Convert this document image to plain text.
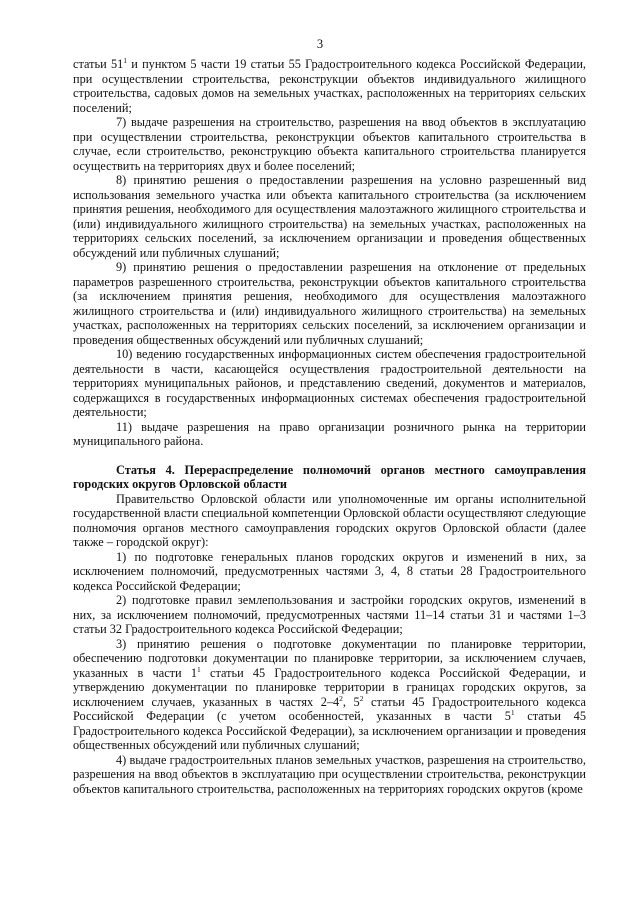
3

статьи $51^1$ и пунктом 5 части 19 статьи 55 Градостроительного кодекса Российской Федерации, при осуществлении строительства, реконструкции объектов индивидуального жилищного строительства, садовых домов на земельных участках, расположенных на территориях сельских поселений;

7) выдаче разрешения на строительство, разрешения на ввод объектов в эксплуатацию при осуществлении строительства, реконструкции объектов капитального строительства в случае, если строительство, реконструкцию объекта капитального строительства планируется осуществить на территориях двух и более поселений;

8) принятию решения о предоставлении разрешения на условно разрешенный вид использования земельного участка или объекта капитального строительства (за исключением принятия решения, необходимого для осуществления малоэтажного жилищного строительства и (или) индивидуального жилищного строительства) на земельных участках, расположенных на территориях сельских поселений, за исключением организации и проведения общественных обсуждений или публичных слушаний;

9) принятию решения о предоставлении разрешения на отклонение от предельных параметров разрешенного строительства, реконструкции объектов капитального строительства (за исключением принятия решения, необходимого для осуществления малоэтажного жилищного строительства и (или) индивидуального жилищного строительства) на земельных участках, расположенных на территориях сельских поселений, за исключением организации и проведения общественных обсуждений или публичных слушаний;

10) ведению государственных информационных систем обеспечения градостроительной деятельности в части, касающейся осуществления градостроительной деятельности на территориях муниципальных районов, и представлению сведений, документов и материалов, содержащихся в государственных информационных системах обеспечения градостроительной деятельности;

11) выдаче разрешения на право организации розничного рынка на территории муниципального района.

Статья 4. Перераспределение полномочий органов местного самоуправления городских округов Орловской области

Правительство Орловской области или уполномоченные им органы исполнительной государственной власти специальной компетенции Орловской области осуществляют следующие полномочия органов местного самоуправления городских округов Орловской области (далее также – городской округ):

1) по подготовке генеральных планов городских округов и изменений в них, за исключением полномочий, предусмотренных частями 3, 4, 8 статьи 28 Градостроительного кодекса Российской Федерации;

2) подготовке правил землепользования и застройки городских округов, изменений в них, за исключением полномочий, предусмотренных частями 11–14 статьи 31 и частями 1–3 статьи 32 Градостроительного кодекса Российской Федерации;

3) принятию решения о подготовке документации по планировке территории, обеспечению подготовки документации по планировке территории, за исключением случаев, указанных в части $1^1$ статьи 45 Градостроительного кодекса Российской Федерации, и утверждению документации по планировке территории в границах городских округов, за исключением случаев, указанных в частях $2-4^2$, $5^2$ статьи 45 Градостроительного кодекса Российской Федерации (с учетом особенностей, указанных в части $5^1$ статьи 45 Градостроительного кодекса Российской Федерации), за исключением организации и проведения общественных обсуждений или публичных слушаний;

4) выдаче градостроительных планов земельных участков, разрешения на строительство, разрешения на ввод объектов в эксплуатацию при осуществлении строительства, реконструкции объектов капитального строительства, расположенных на территориях городских округов (кроме
